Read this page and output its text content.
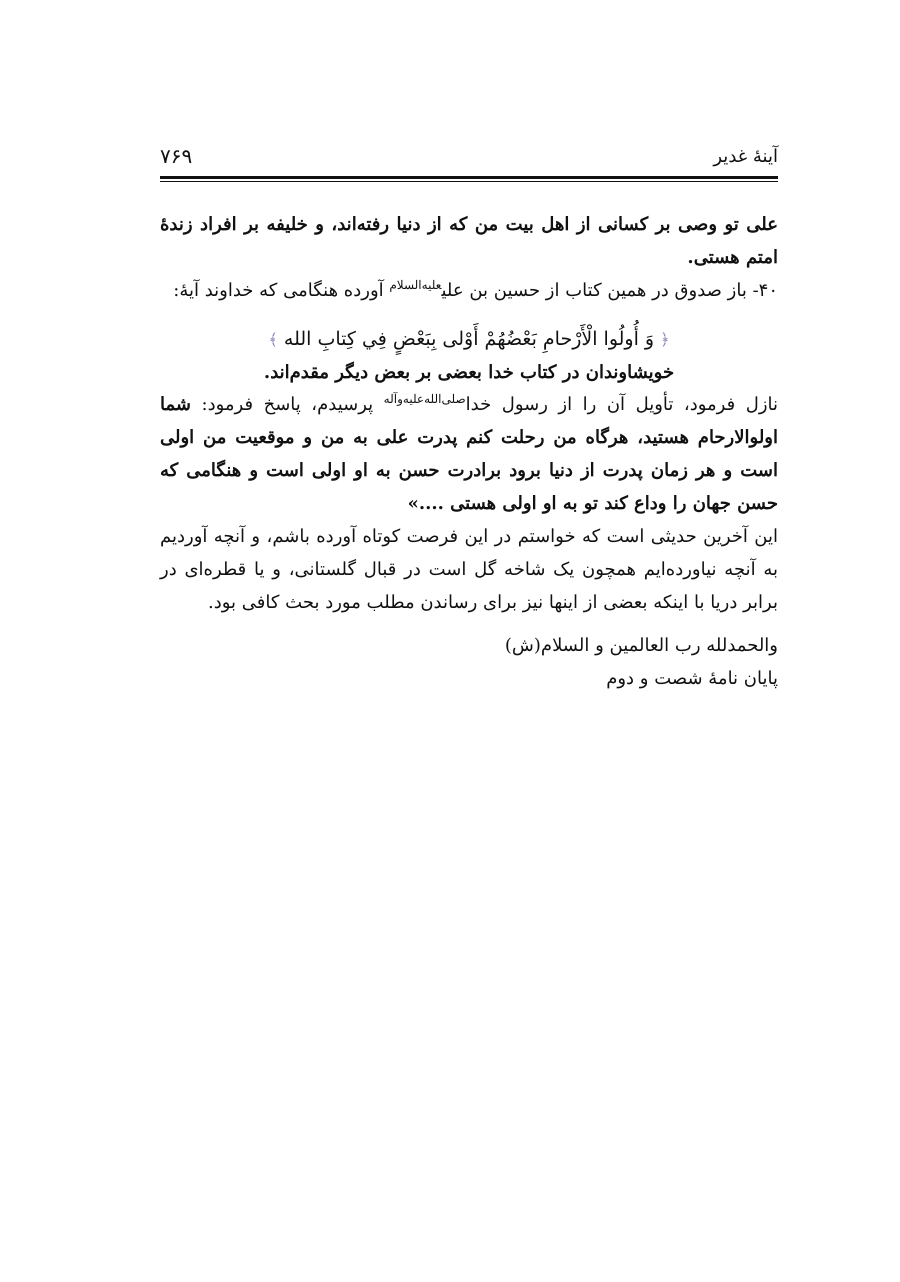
آینهٔ غدیر
۷۶۹

علی تو وصی بر کسانی از اهل بیت من که از دنیا رفته‌اند، و خلیفه بر افراد زندهٔ امتم هستی.

۴۰- باز صدوق در همین کتاب از حسین بن علی$^{علیه‌السلام}$ آورده هنگامی که خداوند آیهٔ:

﴿ وَ أُولُوا الْأَرْحامِ بَعْضُهُمْ أَوْلى بِبَعْضٍ فِي كِتابِ الله ﴾
خویشاوندان در کتاب خدا بعضی بر بعض دیگر مقدم‌اند.

نازل فرمود، تأویل آن را از رسول خدا$^{صلی‌الله‌علیه‌وآله}$ پرسیدم، پاسخ فرمود: شما اولوالارحام هستید، هرگاه من رحلت کنم پدرت علی به من و موقعیت من اولی است و هر زمان پدرت از دنیا برود برادرت حسن به او اولی است و هنگامی که حسن جهان را وداع کند تو به او اولی هستی ....»

این آخرین حدیثی است که خواستم در این فرصت کوتاه آورده باشم، و آنچه آوردیم به آنچه نیاورده‌ایم همچون یک شاخه گل است در قبال گلستانی، و یا قطره‌ای در برابر دریا با اینکه بعضی از اینها نیز برای رساندن مطلب مورد بحث کافی بود.

والحمدلله رب العالمین و السلام(ش)
پایان نامهٔ شصت و دوم
